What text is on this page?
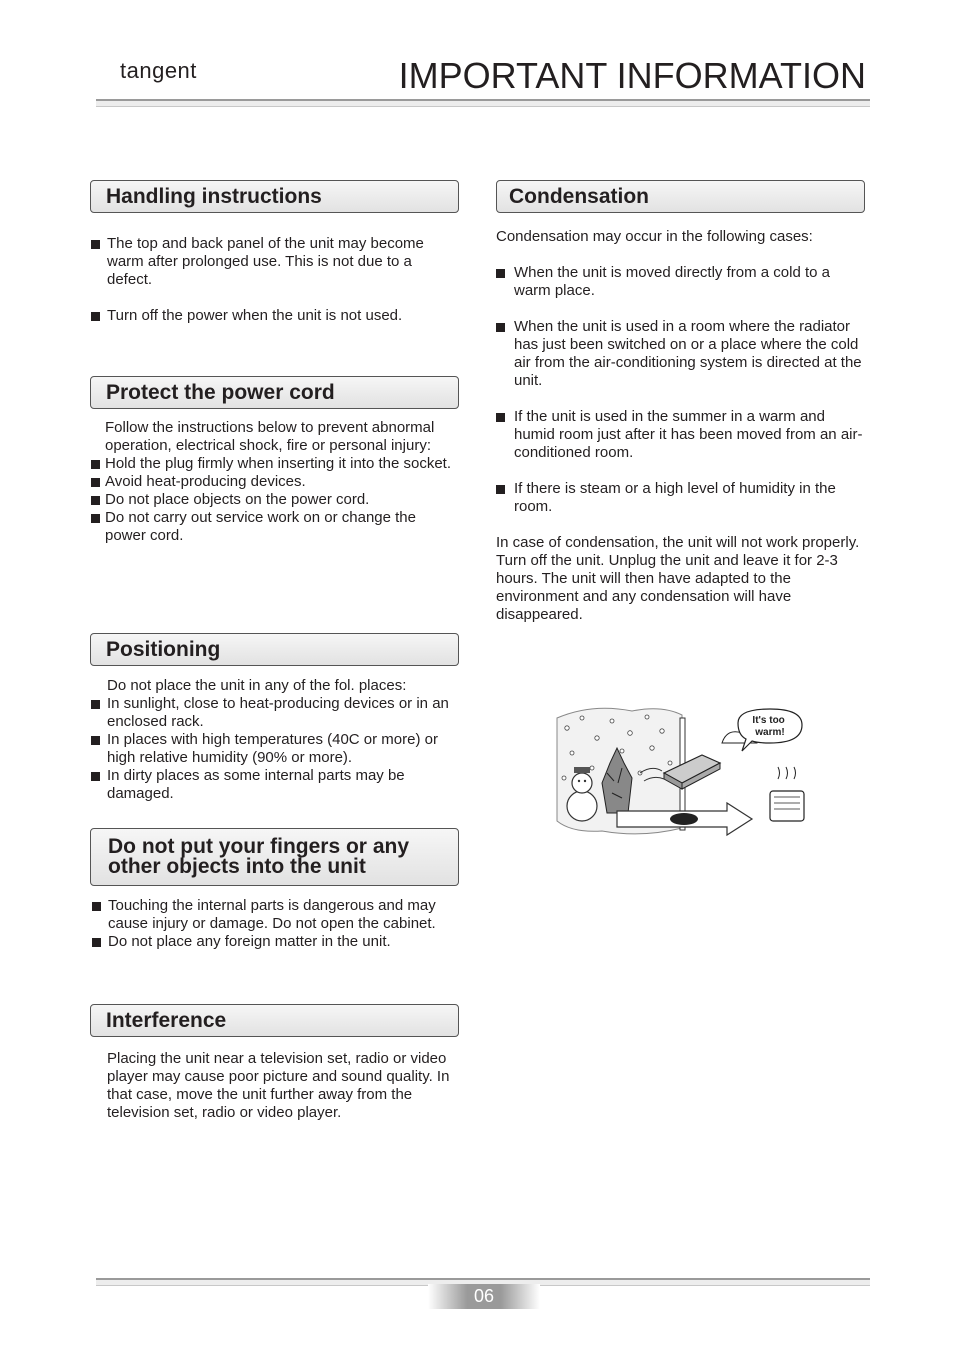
tangent	IMPORTANT INFORMATION
Handling instructions

The top and back panel of the unit may become warm after prolonged use. This is not due to a defect.

Turn off the power when the unit is not used.

Protect the power cord

Follow the instructions below to prevent abnormal operation, electrical shock, fire or personal injury:

Hold the plug firmly when inserting it into the socket.

Avoid heat-producing devices.

Do not place objects on the power cord.

Do not carry out service work on or change the power cord.

Positioning

Do not place the unit in any of the fol. places:

In sunlight, close to heat-producing devices or in an enclosed rack.

In places with high temperatures (40C or more) or high relative humidity (90% or more).

In dirty places as some internal parts may be damaged.

Do not put your fingers or any
other objects into the unit

Touching the internal parts is dangerous and may cause injury or damage. Do not open the cabinet.

Do not place any foreign matter in the unit.

Interference

Placing the unit near a television set, radio or video player may cause poor picture and sound quality. In that case, move the unit further away from the television set, radio or video player.

Condensation

Condensation may occur in the following cases:

When the unit is moved directly from a cold to a warm place.

When the unit is used in a room where the radiator has just been switched on or a place where the cold air from the air-conditioning system is directed at the unit.

If the unit is used in the summer in a warm and humid room just after it has been moved from an air-conditioned room.

If there is steam or a high level of humidity in the room.

In case of condensation, the unit will not work properly. Turn off the unit. Unplug the unit and leave it for 2-3 hours. The unit will then have adapted to the environment and any condensation will have disappeared.

It's too warm!
06
